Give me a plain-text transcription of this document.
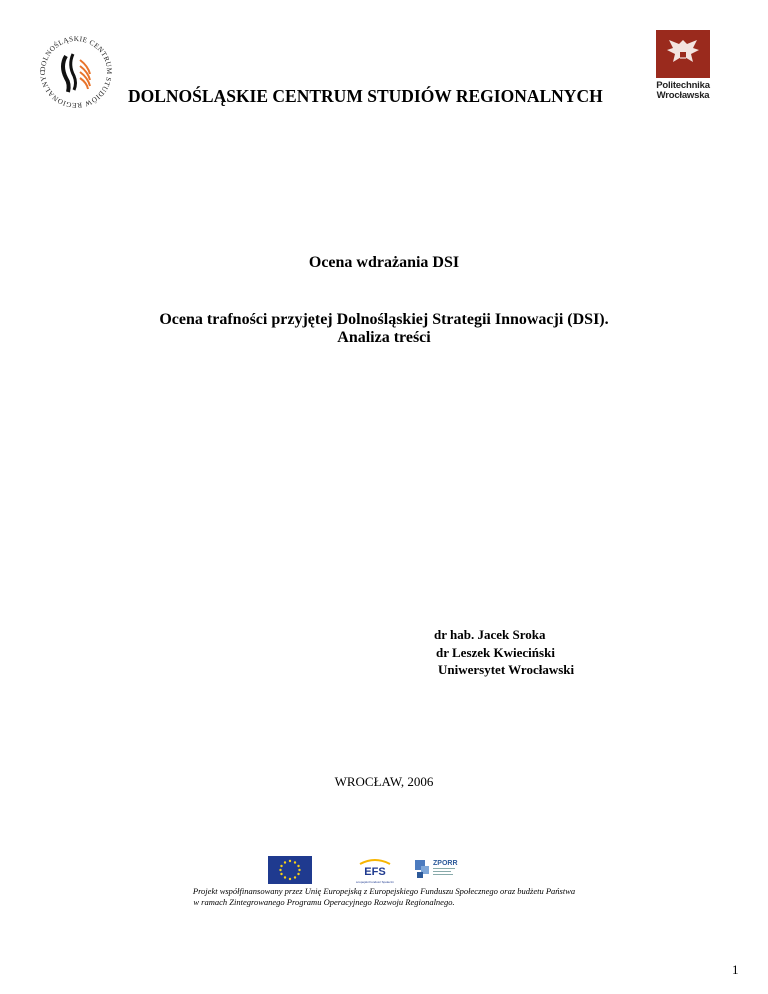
DOLNOŚLĄSKIE CENTRUM STUDIÓW REGIONALNYC
DOLNOŚLĄSKIE CENTRUM STUDIÓW REGIONALNYCH
Politechnika
Wrocławska
Ocena wdrażania DSI
Ocena trafności przyjętej Dolnośląskiej Strategii Innowacji (DSI).
Analiza treści
dr hab. Jacek Sroka
dr Leszek Kwieciński
Uniwersytet Wrocławski
WROCŁAW, 2006
EFS
Europejski Fundusz Społeczny
ZPORR
Projekt współfinansowany przez Unię Europejską z Europejskiego Funduszu Społecznego oraz budżetu Państwa
w ramach Zintegrowanego Programu Operacyjnego Rozwoju Regionalnego.
1
